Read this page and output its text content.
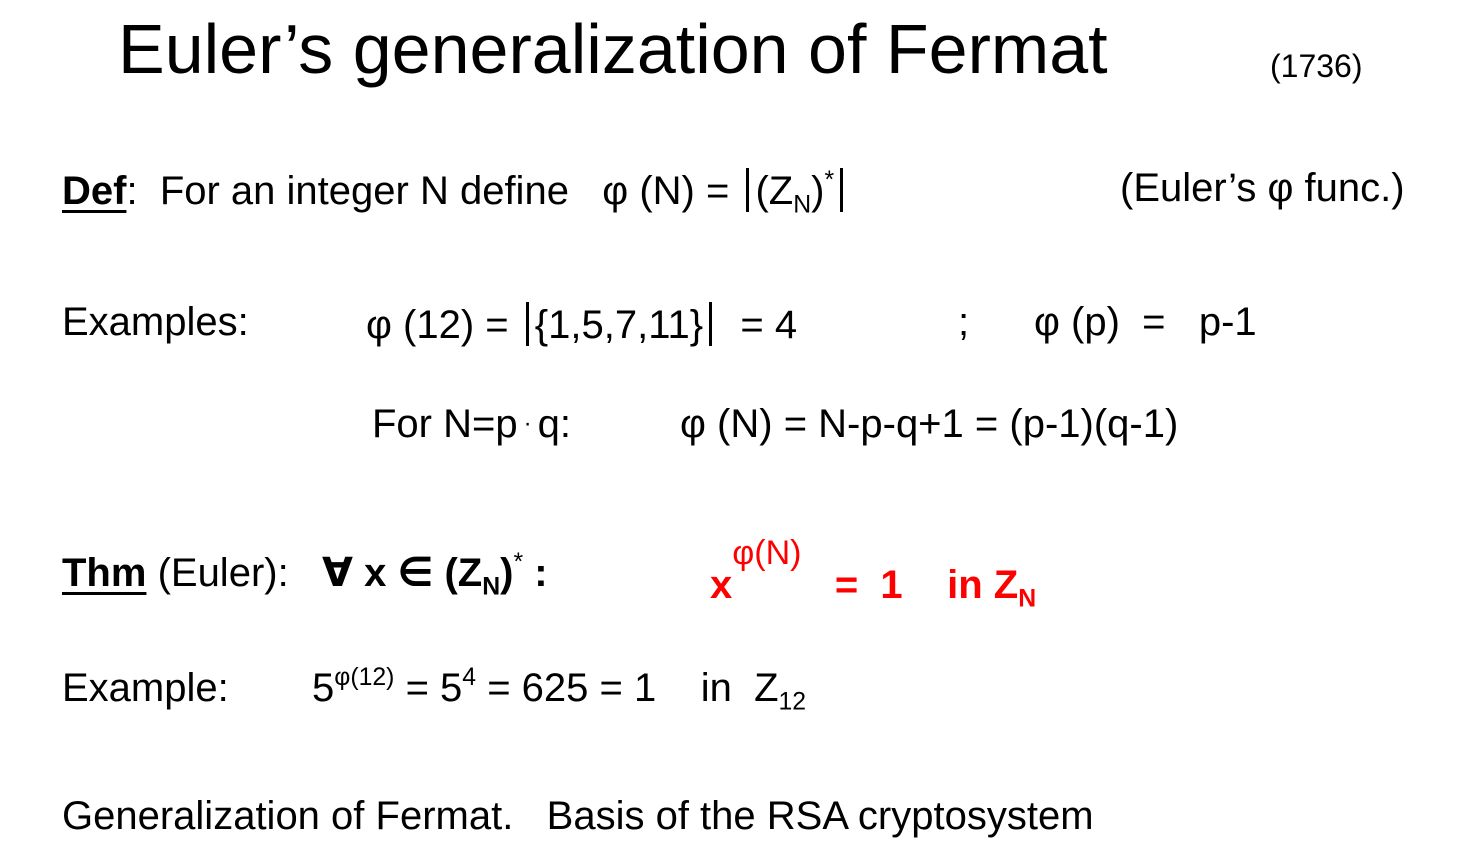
Euler’s generalization of Fermat	(1736)
Def: For an integer N define φ $(N) = (Z_N)^*$	(Euler’s φ func.)
Examples:	φ (12) = {1,5,7,11} = 4	; φ (p)  =   p-1
For N=p · q:	φ (N) = N-p-q+1 = (p-1)(q-1)
Thm (Euler): ∀ x ∈ $(Z_N)^*$ :	$x^{\varphi(N)} = 1$ in $Z_N$
Example: $5^{\varphi(12)} = 5^4 = 625 = 1$ in  $Z_{12}$
Generalization of Fermat.   Basis of the RSA cryptosystem
